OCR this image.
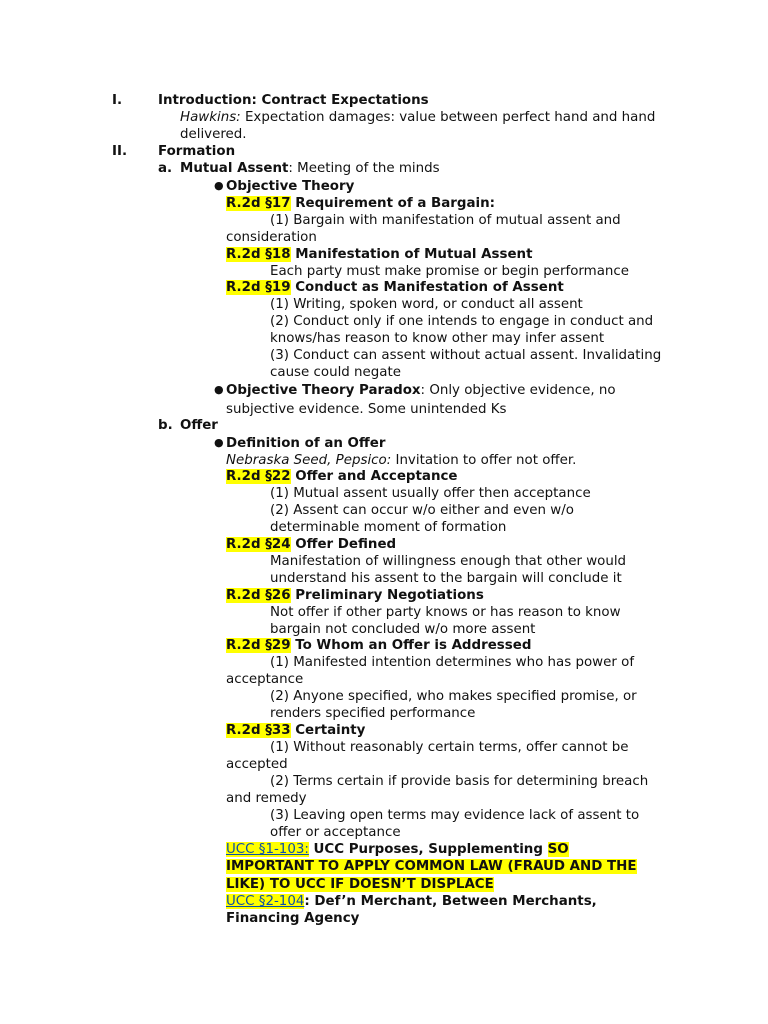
I.	Introduction: Contract Expectations
Hawkins: Expectation damages: value between perfect hand and hand
delivered.
II. Formation
a. Mutual Assent: Meeting of the minds
● Objective Theory
R.2d §17 Requirement of a Bargain:
(1) Bargain with manifestation of mutual assent and
consideration
R.2d §18 Manifestation of Mutual Assent
Each party must make promise or begin performance
R.2d §19 Conduct as Manifestation of Assent
(1) Writing, spoken word, or conduct all assent
(2) Conduct only if one intends to engage in conduct and
knows/has reason to know other may infer assent
(3) Conduct can assent without actual assent. Invalidating
cause could negate
● Objective Theory Paradox: Only objective evidence, no
subjective evidence. Some unintended Ks
b. Offer
● Definition of an Offer
Nebraska Seed, Pepsico: Invitation to offer not offer.
R.2d §22 Offer and Acceptance
(1) Mutual assent usually offer then acceptance
(2) Assent can occur w/o either and even w/o
determinable moment of formation
R.2d §24 Offer Defined
Manifestation of willingness enough that other would
understand his assent to the bargain will conclude it
R.2d §26 Preliminary Negotiations
Not offer if other party knows or has reason to know
bargain not concluded w/o more assent
R.2d §29 To Whom an Offer is Addressed
(1) Manifested intention determines who has power of
acceptance
(2) Anyone specified, who makes specified promise, or
renders specified performance
R.2d §33 Certainty
(1) Without reasonably certain terms, offer cannot be
accepted
(2) Terms certain if provide basis for determining breach
and remedy
(3) Leaving open terms may evidence lack of assent to
offer or acceptance
UCC §1-103: UCC Purposes, Supplementing SO
IMPORTANT TO APPLY COMMON LAW (FRAUD AND THE
LIKE) TO UCC IF DOESN’T DISPLACE
UCC §2-104: Def’n Merchant, Between Merchants,
Financing Agency
